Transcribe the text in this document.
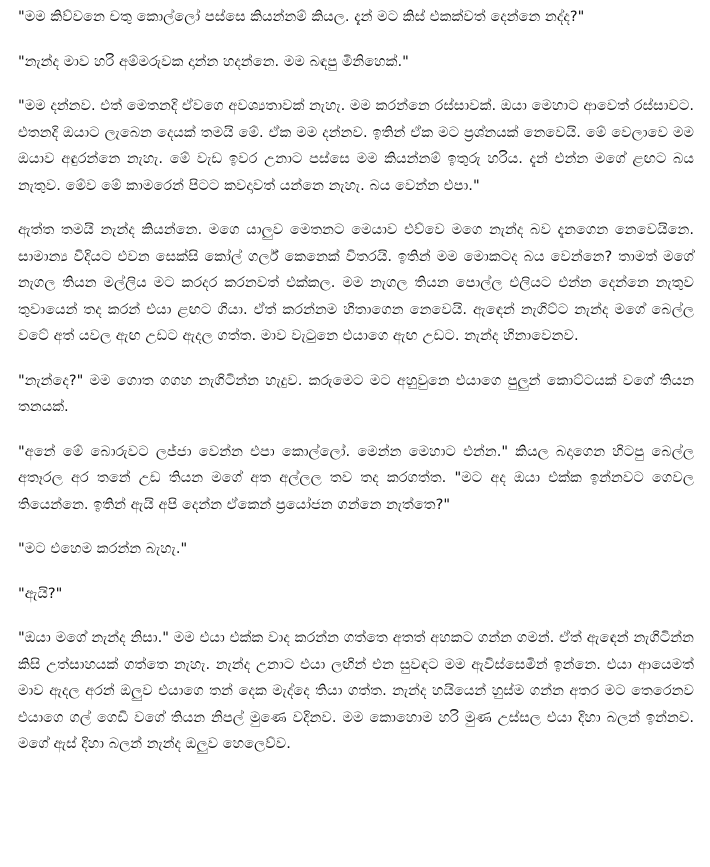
"මම කිව්වනෙ චතු කොල්ලෝ පස්සෙ කියන්නම් කියල. දැන් මට කිස් එකක්වත් දෙන්නෙ නද්ද?"

"නැන්ද මාව හරි අම්මරුවක දාන්න හදන්නෙ. මම බඳපු මිනිහෙක්."

"මම දන්නව. එත් මෙතනදි ඒවගෙ අවශ්‍යතාවක් නැහැ. මම කරන්නෙ රස්සාවක්. ඔයා මෙහාට ආවෙත් රස්සාවට. එතනදි ඔයාට ලැබෙන දෙයක් තමයි මේ. ඒක මම දන්නව. ඉතින් ඒක මට ප්‍රශ්නයක් නෙවෙයි. මේ වෙලාවෙ මම ඔයාව අඳුරන්නෙ නැහැ. මේ වැඩ ඉවර උනාට පස්සෙ මම කියන්නම් ඉතුරු හරිය. දැන් එන්න මගේ ළඟට බය නැතුව. මේව මේ කාමරෙන් පිටට කවදාවත් යන්නෙ නැහැ. බය වෙන්න එපා."

ඇත්ත තමයි නැන්ද කියන්නෙ. මගෙ යාලුව මෙතනට මෙයාව එව්වෙ මගෙ නැන්ද බව දැනගෙන නෙවෙයිනෙ. සාමාන්‍ය විදියට එවන සෙක්සි කෝල් ගර්ල් කෙනෙක් විතරයි. ඉතින් මම මොකටද බය වෙන්නෙ? තාමත් මගේ නැගල තියන මල්ලිය මට කරදර කරනවත් එක්කල. මම නැගල තියන පොල්ල එලියට එන්න දෙන්නෙ නැතුව තුවායෙන් තද කරන් එයා ළඟට ගියා. ඒත් කරන්නම හිතාගෙන නෙවෙයි. ඇඳෙන් නැගිට්ට නැන්ද මගේ බෙල්ල වටේ අත් යවල ඇඟ උඩට ඇදල ගත්ත. මාව වැටුනෙ එයාගෙ ඇඟ උඩට. නැන්ද හිනාවෙනව.

"නැන්දෙ?" මම ගොත ගගහ නැගිටින්න හැදුව. කරුමෙට මට අහුවුනෙ එයාගෙ පුලුන් කොට්ටයක් වගේ තියන තනයක්.

"අනේ මේ බොරුවට ලජ්ජා වෙන්න එපා කොල්ලෝ. මෙන්න මෙහාට එන්න." කියල බදාගෙන හිටපු බෙල්ල අතෑරල අර තනේ උඩ තියන මගේ අත අල්ලල තව තද කරගත්ත. "මට අද ඔයා එක්ක ඉන්නවට ගෙවල තියෙන්නෙ. ඉතින් ඇයි අපි දෙන්න ඒකෙන් ප්‍රයෝජන ගන්නෙ නැත්තෙ?"

"මට එහෙම කරන්න බැහැ."

"ඇයි?"

"ඔයා මගේ නැන්ද නිසා." මම එයා එක්ක වාද කරන්න ගත්තෙ අතත් අහකට ගන්න ගමන්. ඒත් ඇඳෙන් නැගිටින්න කිසි උත්සාහයක් ගත්තෙ නැහැ. නැන්ද උනාට එයා ලඟින් එන සුවඳට මම ඇවිස්සෙමින් ඉන්නෙ. එයා ආයෙමත් මාව ඇදල අරන් ඔලුව එයාගෙ තන් දෙක මැද්දෙ තියා ගත්ත. නැන්ද හයියෙන් හුස්ම ගන්න අතර මට තෙරෙනව එයාගෙ ගල් ගෙඩි වගේ තියන නිපල් මුණෙ වදිනව. මම කොහොම හරි මුණ උස්සල එයා දිහා බලන් ඉන්නව. මගේ ඇස් දිහා බලන් නැන්ද ඔලුව හෙලෙව්ව.
